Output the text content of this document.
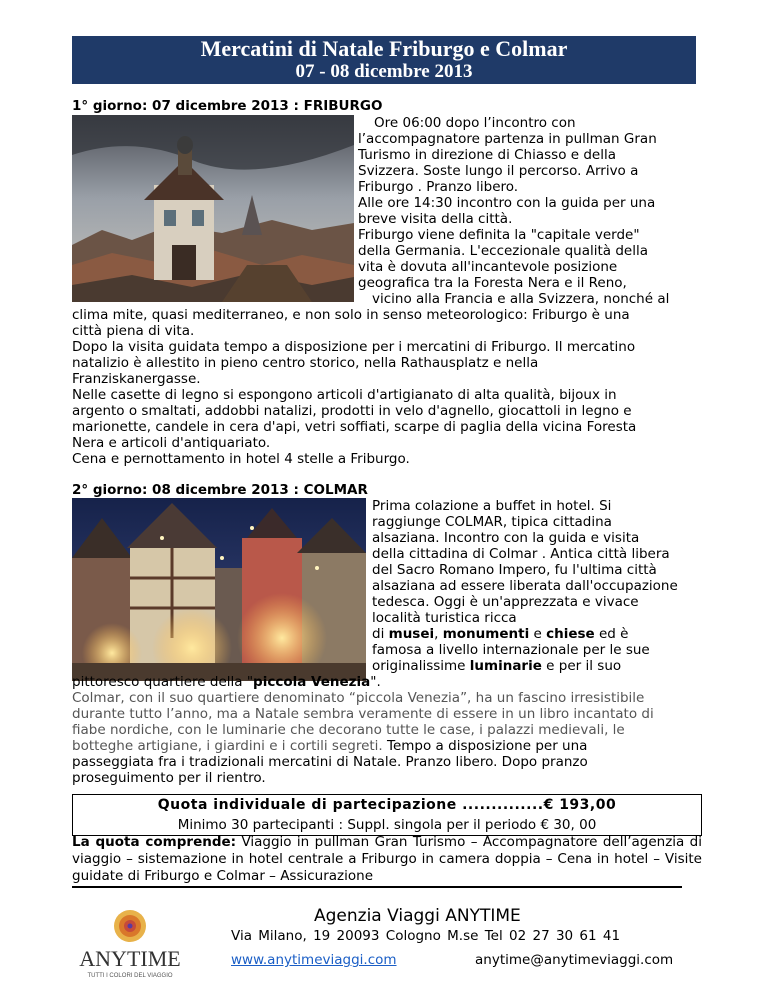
Mercatini di Natale Friburgo e Colmar
07 - 08 dicembre 2013
1° giorno: 07 dicembre 2013 : FRIBURGO
Ore 06:00 dopo l’incontro con
l’accompagnatore partenza in pullman Gran
Turismo in direzione di Chiasso e della
Svizzera. Soste lungo il percorso. Arrivo a
Friburgo . Pranzo libero.
Alle ore 14:30 incontro con la guida per una
breve visita della città.
Friburgo viene definita la "capitale verde"
della Germania. L'eccezionale qualità della
vita è dovuta all'incantevole posizione
geografica tra la Foresta Nera e il Reno,
vicino alla Francia e alla Svizzera, nonché al
clima mite, quasi mediterraneo, e non solo in senso meteorologico: Friburgo è una
città piena di vita.
Dopo la visita guidata tempo a disposizione per i mercatini di Friburgo. Il mercatino
natalizio è allestito in pieno centro storico, nella Rathausplatz e nella
Franziskanergasse.
Nelle casette di legno si espongono articoli d'artigianato di alta qualità, bijoux in
argento o smaltati, addobbi natalizi, prodotti in velo d'agnello, giocattoli in legno e
marionette, candele in cera d'api, vetri soffiati, scarpe di paglia della vicina Foresta
Nera e articoli d'antiquariato.
Cena e pernottamento in hotel 4 stelle a Friburgo.
2° giorno: 08 dicembre 2013 : COLMAR
Prima colazione a buffet in hotel. Si
raggiunge COLMAR, tipica cittadina
alsaziana. Incontro con la guida e visita
della cittadina di Colmar . Antica città libera
del Sacro Romano Impero, fu l'ultima città
alsaziana ad essere liberata dall'occupazione
tedesca. Oggi è un'apprezzata e vivace
località turistica ricca
di musei, monumenti e chiese ed è
famosa a livello internazionale per le sue
originalissime luminarie e per il suo
pittoresco quartiere della "piccola Venezia".
Colmar, con il suo quartiere denominato “piccola Venezia”, ha un fascino irresistibile
durante tutto l’anno, ma a Natale sembra veramente di essere in un libro incantato di
fiabe nordiche, con le luminarie che decorano tutte le case, i palazzi medievali, le
botteghe artigiane, i giardini e i cortili segreti. Tempo a disposizione per una
passeggiata fra i tradizionali mercatini di Natale. Pranzo libero. Dopo pranzo
proseguimento per il rientro.
Quota individuale di partecipazione ..............€ 193,00
Minimo 30 partecipanti : Suppl. singola per il periodo € 30, 00
La quota comprende: Viaggio in pullman Gran Turismo – Accompagnatore dell’agenzia di viaggio – sistemazione in hotel centrale a Friburgo in camera doppia – Cena in hotel – Visite guidate di Friburgo e Colmar – Assicurazione
ANYTIME
TUTTI I COLORI DEL VIAGGIO
Agenzia Viaggi ANYTIME
Via Milano, 19 20093 Cologno M.se Tel 02 27 30 61 41
www.anytimeviaggi.com	anytime@anytimeviaggi.com
